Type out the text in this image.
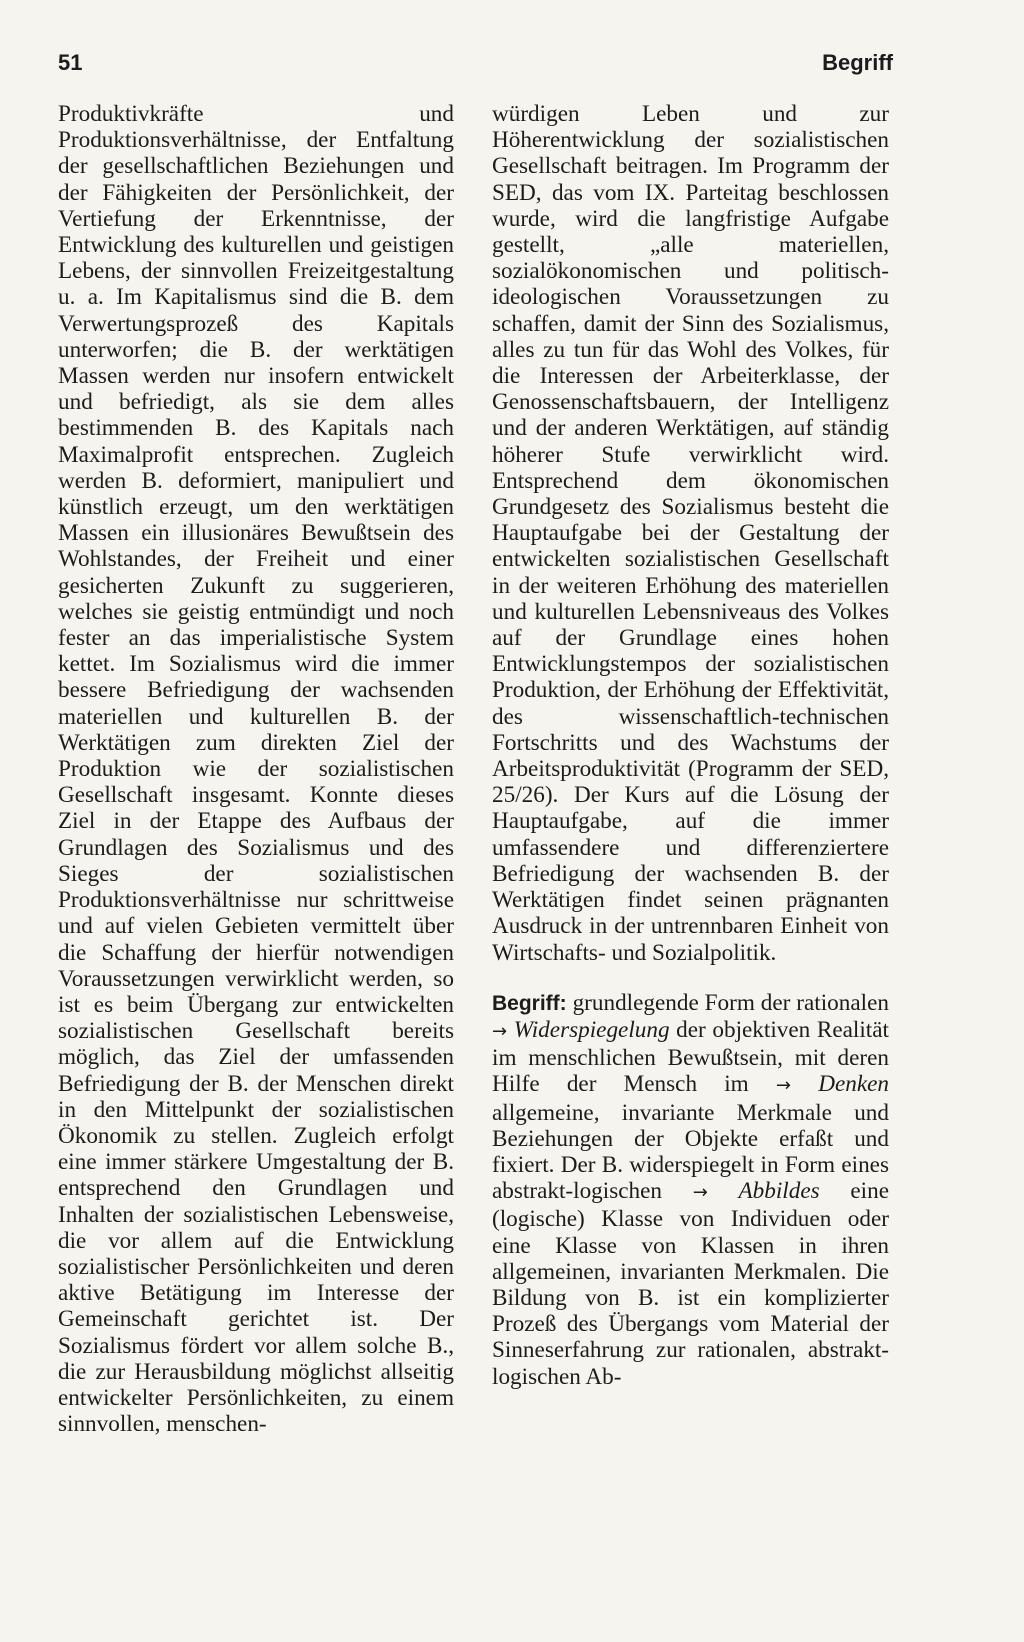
51	Begriff

Produktivkräfte und Produktionsverhältnisse, der Entfaltung der gesellschaftlichen Beziehungen und der Fähigkeiten der Persönlichkeit, der Vertiefung der Erkenntnisse, der Entwicklung des kulturellen und geistigen Lebens, der sinnvollen Freizeitgestaltung u. a. Im Kapitalismus sind die B. dem Verwertungsprozeß des Kapitals unterworfen; die B. der werktätigen Massen werden nur insofern entwickelt und befriedigt, als sie dem alles bestimmenden B. des Kapitals nach Maximalprofit entsprechen. Zugleich werden B. deformiert, manipuliert und künstlich erzeugt, um den werktätigen Massen ein illusionäres Bewußtsein des Wohlstandes, der Freiheit und einer gesicherten Zukunft zu suggerieren, welches sie geistig entmündigt und noch fester an das imperialistische System kettet. Im Sozialismus wird die immer bessere Befriedigung der wachsenden materiellen und kulturellen B. der Werktätigen zum direkten Ziel der Produktion wie der sozialistischen Gesellschaft insgesamt. Konnte dieses Ziel in der Etappe des Aufbaus der Grundlagen des Sozialismus und des Sieges der sozialistischen Produktionsverhältnisse nur schrittweise und auf vielen Gebieten vermittelt über die Schaffung der hierfür notwendigen Voraussetzungen verwirklicht werden, so ist es beim Übergang zur entwickelten sozialistischen Gesellschaft bereits möglich, das Ziel der umfassenden Befriedigung der B. der Menschen direkt in den Mittelpunkt der sozialistischen Ökonomik zu stellen. Zugleich erfolgt eine immer stärkere Umgestaltung der B. entsprechend den Grundlagen und Inhalten der sozialistischen Lebensweise, die vor allem auf die Entwicklung sozialistischer Persönlichkeiten und deren aktive Betätigung im Interesse der Gemeinschaft gerichtet ist. Der Sozialismus fördert vor allem solche B., die zur Herausbildung möglichst allseitig entwickelter Persönlichkeiten, zu einem sinnvollen, menschen-

würdigen Leben und zur Höherentwicklung der sozialistischen Gesellschaft beitragen. Im Programm der SED, das vom IX. Parteitag beschlossen wurde, wird die langfristige Aufgabe gestellt, „alle materiellen, sozialökonomischen und politisch-ideologischen Voraussetzungen zu schaffen, damit der Sinn des Sozialismus, alles zu tun für das Wohl des Volkes, für die Interessen der Arbeiterklasse, der Genossenschaftsbauern, der Intelligenz und der anderen Werktätigen, auf ständig höherer Stufe verwirklicht wird. Entsprechend dem ökonomischen Grundgesetz des Sozialismus besteht die Hauptaufgabe bei der Gestaltung der entwickelten sozialistischen Gesellschaft in der weiteren Erhöhung des materiellen und kulturellen Lebensniveaus des Volkes auf der Grundlage eines hohen Entwicklungstempos der sozialistischen Produktion, der Erhöhung der Effektivität, des wissenschaftlich-technischen Fortschritts und des Wachstums der Arbeitsproduktivität (Programm der SED, 25/26). Der Kurs auf die Lösung der Hauptaufgabe, auf die immer umfassendere und differenziertere Befriedigung der wachsenden B. der Werktätigen findet seinen prägnanten Ausdruck in der untrennbaren Einheit von Wirtschafts- und Sozialpolitik.

Begriff: grundlegende Form der rationalen → Widerspiegelung der objektiven Realität im menschlichen Bewußtsein, mit deren Hilfe der Mensch im → Denken allgemeine, invariante Merkmale und Beziehungen der Objekte erfaßt und fixiert. Der B. widerspiegelt in Form eines abstrakt-logischen → Abbildes eine (logische) Klasse von Individuen oder eine Klasse von Klassen in ihren allgemeinen, invarianten Merkmalen. Die Bildung von B. ist ein komplizierter Prozeß des Übergangs vom Material der Sinneserfahrung zur rationalen, abstrakt-logischen Ab-
